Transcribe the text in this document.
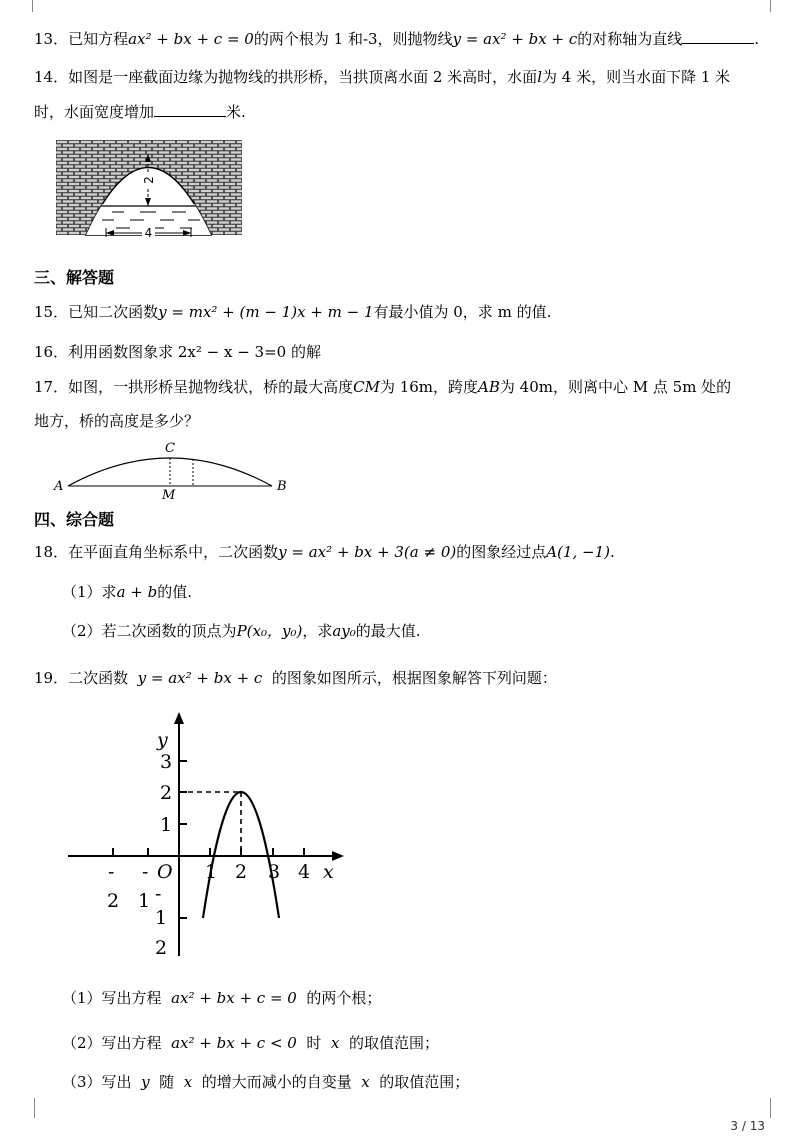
13．已知方程ax² + bx + c = 0的两个根为 1 和-3，则抛物线y = ax² + bx + c的对称轴为直线	.
14．如图是一座截面边缘为抛物线的拱形桥，当拱顶离水面 2 米高时，水面l为 4 米，则当水面下降 1 米
时，水面宽度增加	米.
2
4
三、解答题
15．已知二次函数y = mx² + (m − 1)x + m − 1有最小值为 0，求 m 的值.
16．利用函数图象求 2x² − x − 3=0 的解
17．如图，一拱形桥呈抛物线状，桥的最大高度CM为 16m，跨度AB为 40m，则离中心 M 点 5m 处的
地方，桥的高度是多少？
A	B
C
M
四、综合题
18．在平面直角坐标系中，二次函数y = ax² + bx + 3(a ≠ 0)的图象经过点A(1, −1).
（1）求a + b的值.
（2）若二次函数的顶点为P(x₀，y₀)，求ay₀的最大值.
19．二次函数 y = ax² + bx + c 的图象如图所示，根据图象解答下列问题：
y
x
O
3
2
1
1 2 3 4
-
2
-
1 -
1
2
（1）写出方程 ax² + bx + c = 0 的两个根；
（2）写出方程 ax² + bx + c < 0 时 x 的取值范围；
（3）写出 y 随 x 的增大而减小的自变量 x 的取值范围；
3 / 13
